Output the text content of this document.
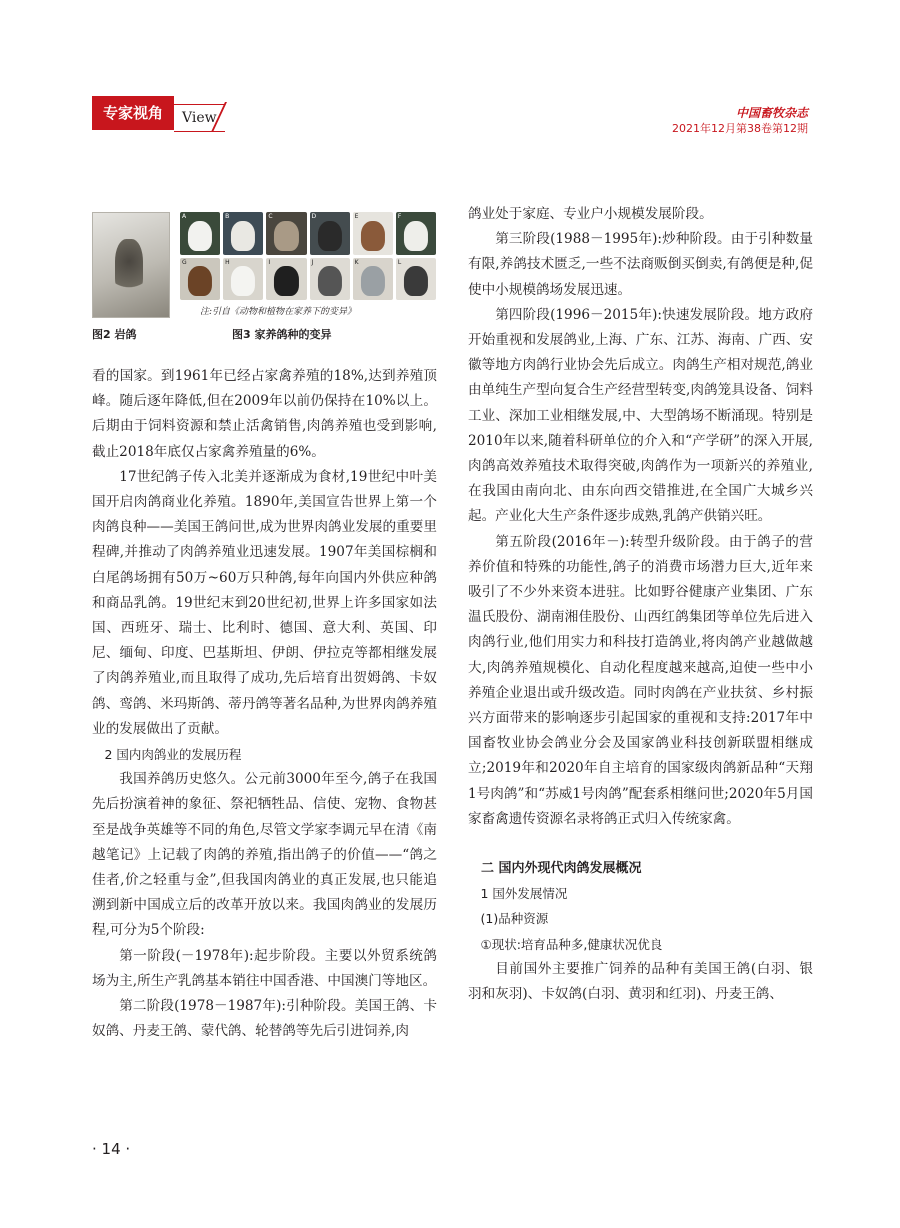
专家视角	View	中国畜牧杂志
2021年12月第38卷第12期
A	B	C	D	E	F
G	H	I	J	K	L
注:引自《动物和植物在家养下的变异》
图2 岩鸽	图3 家养鸽种的变异

看的国家。到1961年已经占家禽养殖的18%,达到养殖顶峰。随后逐年降低,但在2009年以前仍保持在10%以上。后期由于饲料资源和禁止活禽销售,肉鸽养殖也受到影响,截止2018年底仅占家禽养殖量的6%。

17世纪鸽子传入北美并逐渐成为食材,19世纪中叶美国开启肉鸽商业化养殖。1890年,美国宣告世界上第一个肉鸽良种——美国王鸽问世,成为世界肉鸽业发展的重要里程碑,并推动了肉鸽养殖业迅速发展。1907年美国棕榈和白尾鸽场拥有50万~60万只种鸽,每年向国内外供应种鸽和商品乳鸽。19世纪末到20世纪初,世界上许多国家如法国、西班牙、瑞士、比利时、德国、意大利、英国、印尼、缅甸、印度、巴基斯坦、伊朗、伊拉克等都相继发展了肉鸽养殖业,而且取得了成功,先后培育出贺姆鸽、卡奴鸽、鸾鸽、米玛斯鸽、蒂丹鸽等著名品种,为世界肉鸽养殖业的发展做出了贡献。

2 国内肉鸽业的发展历程

我国养鸽历史悠久。公元前3000年至今,鸽子在我国先后扮演着神的象征、祭祀牺牲品、信使、宠物、食物甚至是战争英雄等不同的角色,尽管文学家李调元早在清《南越笔记》上记载了肉鸽的养殖,指出鸽子的价值——“鸽之佳者,价之轻重与金”,但我国肉鸽业的真正发展,也只能追溯到新中国成立后的改革开放以来。我国肉鸽业的发展历程,可分为5个阶段:

第一阶段(－1978年):起步阶段。主要以外贸系统鸽场为主,所生产乳鸽基本销往中国香港、中国澳门等地区。

第二阶段(1978－1987年):引种阶段。美国王鸽、卡奴鸽、丹麦王鸽、蒙代鸽、轮替鸽等先后引进饲养,肉

鸽业处于家庭、专业户小规模发展阶段。

第三阶段(1988－1995年):炒种阶段。由于引种数量有限,养鸽技术匮乏,一些不法商贩倒买倒卖,有鸽便是种,促使中小规模鸽场发展迅速。

第四阶段(1996－2015年):快速发展阶段。地方政府开始重视和发展鸽业,上海、广东、江苏、海南、广西、安徽等地方肉鸽行业协会先后成立。肉鸽生产相对规范,鸽业由单纯生产型向复合生产经营型转变,肉鸽笼具设备、饲料工业、深加工业相继发展,中、大型鸽场不断涌现。特别是2010年以来,随着科研单位的介入和“产学研”的深入开展,肉鸽高效养殖技术取得突破,肉鸽作为一项新兴的养殖业,在我国由南向北、由东向西交错推进,在全国广大城乡兴起。产业化大生产条件逐步成熟,乳鸽产供销兴旺。

第五阶段(2016年－):转型升级阶段。由于鸽子的营养价值和特殊的功能性,鸽子的消费市场潜力巨大,近年来吸引了不少外来资本进驻。比如野谷健康产业集团、广东温氏股份、湖南湘佳股份、山西红鸽集团等单位先后进入肉鸽行业,他们用实力和科技打造鸽业,将肉鸽产业越做越大,肉鸽养殖规模化、自动化程度越来越高,迫使一些中小养殖企业退出或升级改造。同时肉鸽在产业扶贫、乡村振兴方面带来的影响逐步引起国家的重视和支持:2017年中国畜牧业协会鸽业分会及国家鸽业科技创新联盟相继成立;2019年和2020年自主培育的国家级肉鸽新品种“天翔1号肉鸽”和“苏威1号肉鸽”配套系相继问世;2020年5月国家畜禽遗传资源名录将鸽正式归入传统家禽。

二 国内外现代肉鸽发展概况

1 国外发展情况

(1)品种资源

①现状:培育品种多,健康状况优良

目前国外主要推广饲养的品种有美国王鸽(白羽、银羽和灰羽)、卡奴鸽(白羽、黄羽和红羽)、丹麦王鸽、

· 14 ·
